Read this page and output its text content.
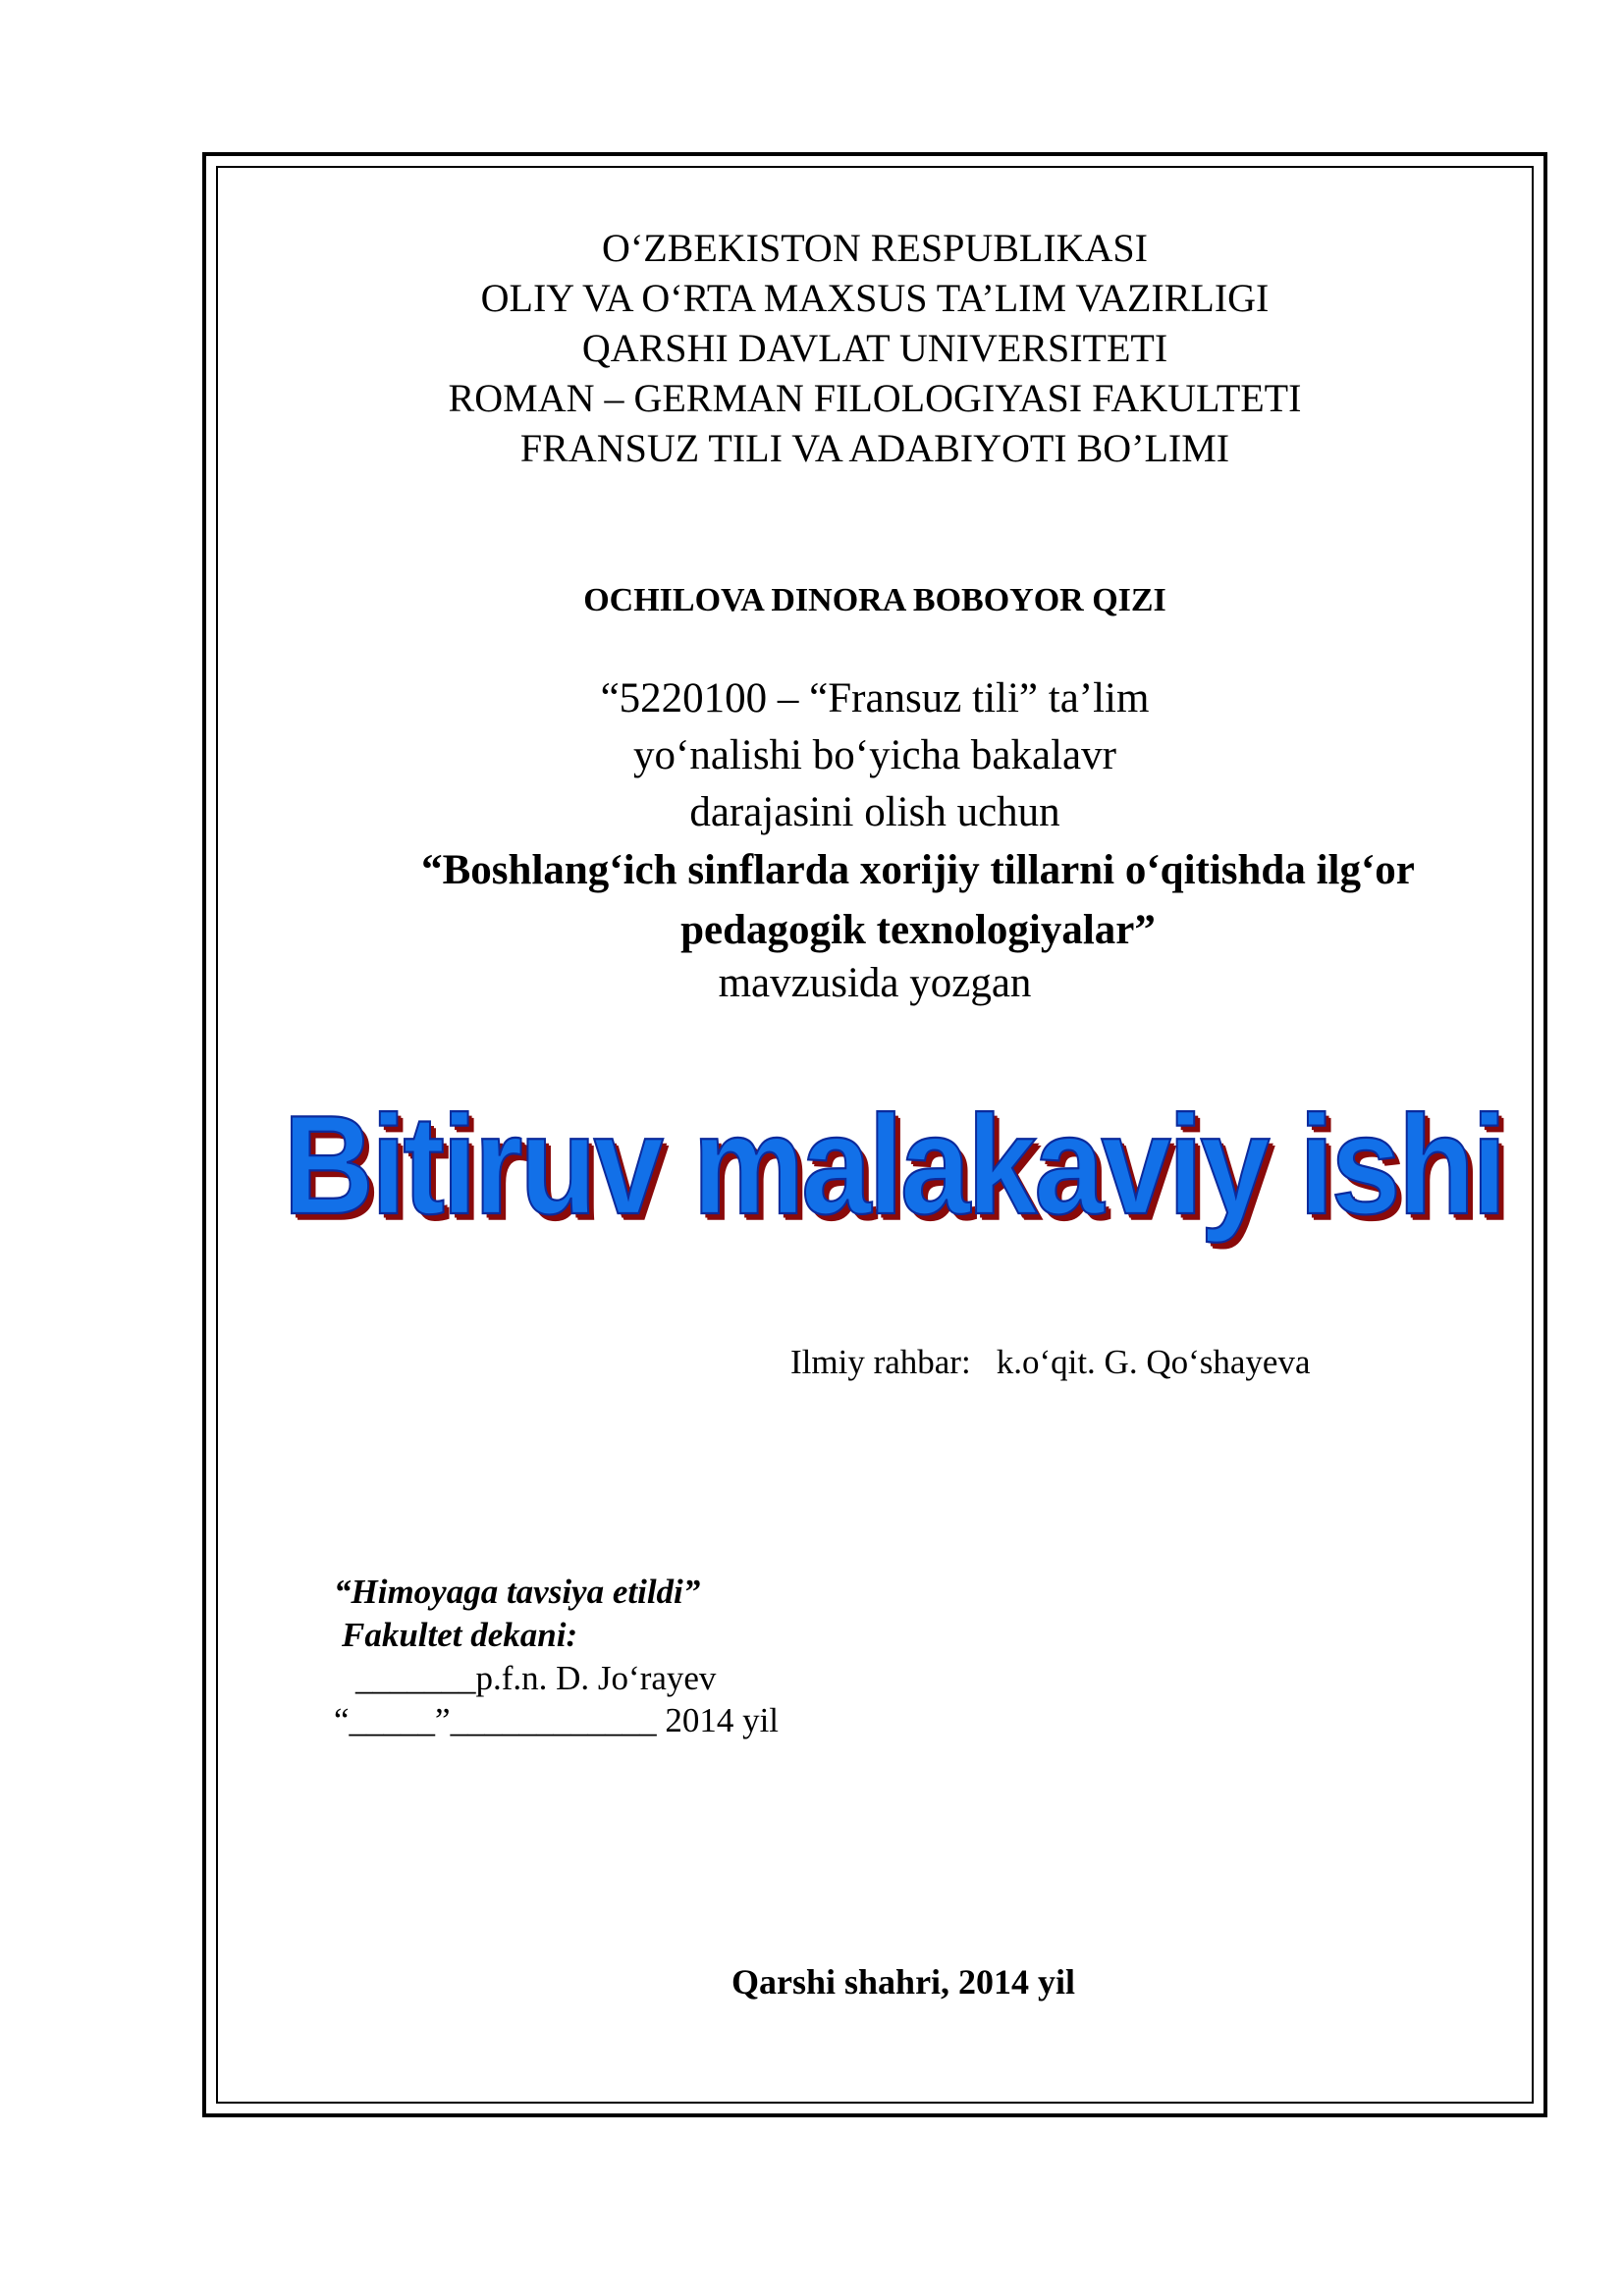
O‘ZBEKISTON RESPUBLIKASI
OLIY VA O‘RTA MAXSUS TA’LIM VAZIRLIGI
QARSHI DAVLAT UNIVERSITETI
ROMAN – GERMAN FILOLOGIYASI FAKULTETI
FRANSUZ TILI VA ADABIYOTI BO’LIMI
OCHILOVA DINORA BOBOYOR QIZI
“5220100 – “Fransuz tili” ta’lim
yo‘nalishi bo‘yicha bakalavr
darajasini olish uchun
“Boshlang‘ich sinflarda xorijiy tillarni o‘qitishda ilg‘or
pedagogik texnologiyalar”
mavzusida yozgan
Bitiruv malakaviy ishi
Ilmiy rahbar: k.o‘qit. G. Qo‘shayeva
“Himoyaga tavsiya etildi”
Fakultet dekani:
_______p.f.n. D. Jo‘rayev
“_____”____________ 2014 yil
Qarshi shahri, 2014 yil
